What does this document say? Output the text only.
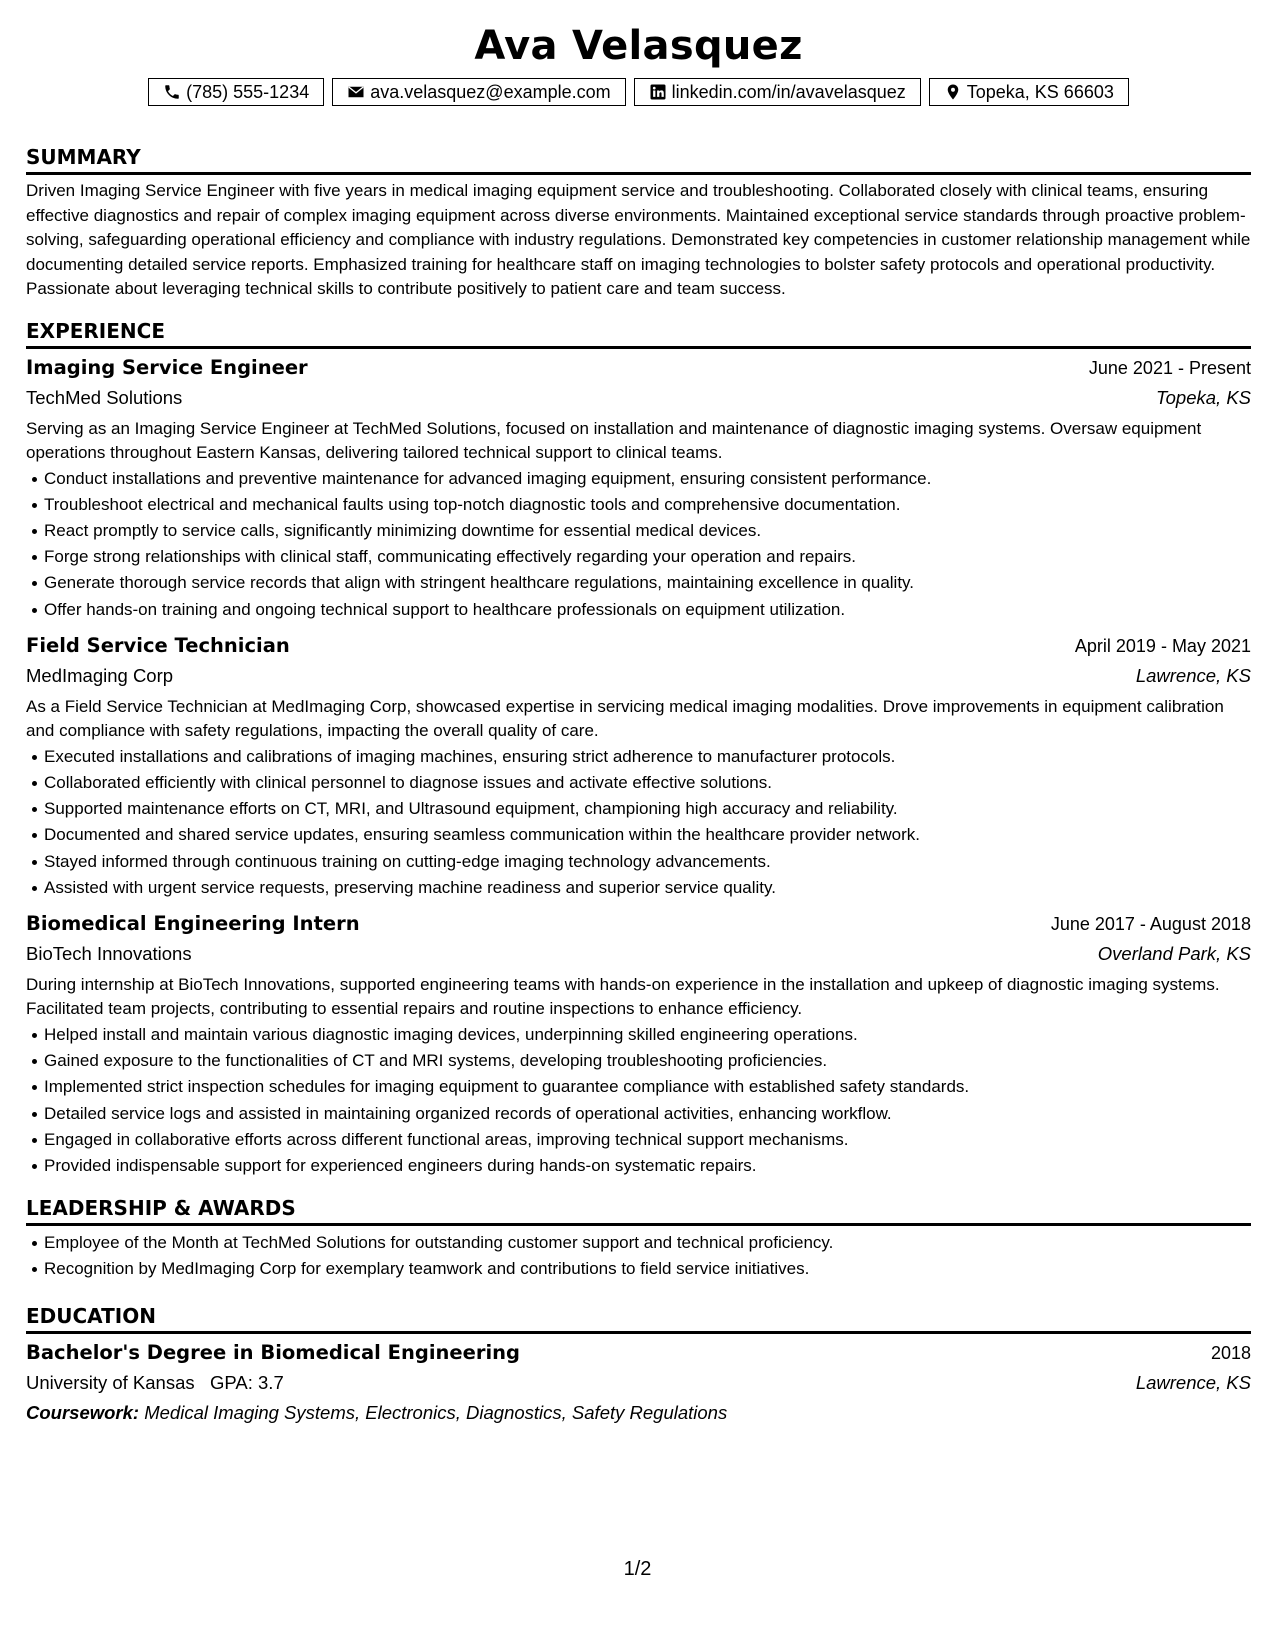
Ava Velasquez
(785) 555-1234	ava.velasquez@example.com	linkedin.com/in/avavelasquez	Topeka, KS 66603
SUMMARY

Driven Imaging Service Engineer with five years in medical imaging equipment service and troubleshooting. Collaborated closely with clinical teams, ensuring effective diagnostics and repair of complex imaging equipment across diverse environments. Maintained exceptional service standards through proactive problem-solving, safeguarding operational efficiency and compliance with industry regulations. Demonstrated key competencies in customer relationship management while documenting detailed service reports. Emphasized training for healthcare staff on imaging technologies to bolster safety protocols and operational productivity. Passionate about leveraging technical skills to contribute positively to patient care and team success.

EXPERIENCE
Imaging Service Engineer	June 2021 - Present
TechMed Solutions	Topeka, KS

Serving as an Imaging Service Engineer at TechMed Solutions, focused on installation and maintenance of diagnostic imaging systems. Oversaw equipment operations throughout Eastern Kansas, delivering tailored technical support to clinical teams.

Conduct installations and preventive maintenance for advanced imaging equipment, ensuring consistent performance.
Troubleshoot electrical and mechanical faults using top-notch diagnostic tools and comprehensive documentation.
React promptly to service calls, significantly minimizing downtime for essential medical devices.
Forge strong relationships with clinical staff, communicating effectively regarding your operation and repairs.
Generate thorough service records that align with stringent healthcare regulations, maintaining excellence in quality.
Offer hands-on training and ongoing technical support to healthcare professionals on equipment utilization.
Field Service Technician	April 2019 - May 2021
MedImaging Corp	Lawrence, KS

As a Field Service Technician at MedImaging Corp, showcased expertise in servicing medical imaging modalities. Drove improvements in equipment calibration and compliance with safety regulations, impacting the overall quality of care.

Executed installations and calibrations of imaging machines, ensuring strict adherence to manufacturer protocols.
Collaborated efficiently with clinical personnel to diagnose issues and activate effective solutions.
Supported maintenance efforts on CT, MRI, and Ultrasound equipment, championing high accuracy and reliability.
Documented and shared service updates, ensuring seamless communication within the healthcare provider network.
Stayed informed through continuous training on cutting-edge imaging technology advancements.
Assisted with urgent service requests, preserving machine readiness and superior service quality.
Biomedical Engineering Intern	June 2017 - August 2018
BioTech Innovations	Overland Park, KS

During internship at BioTech Innovations, supported engineering teams with hands-on experience in the installation and upkeep of diagnostic imaging systems. Facilitated team projects, contributing to essential repairs and routine inspections to enhance efficiency.

Helped install and maintain various diagnostic imaging devices, underpinning skilled engineering operations.
Gained exposure to the functionalities of CT and MRI systems, developing troubleshooting proficiencies.
Implemented strict inspection schedules for imaging equipment to guarantee compliance with established safety standards.
Detailed service logs and assisted in maintaining organized records of operational activities, enhancing workflow.
Engaged in collaborative efforts across different functional areas, improving technical support mechanisms.
Provided indispensable support for experienced engineers during hands-on systematic repairs.
LEADERSHIP & AWARDS
Employee of the Month at TechMed Solutions for outstanding customer support and technical proficiency.
Recognition by MedImaging Corp for exemplary teamwork and contributions to field service initiatives.
EDUCATION
Bachelor's Degree in Biomedical Engineering	2018
University of Kansas GPA: 3.7	Lawrence, KS
Coursework: Medical Imaging Systems, Electronics, Diagnostics, Safety Regulations
1/2
